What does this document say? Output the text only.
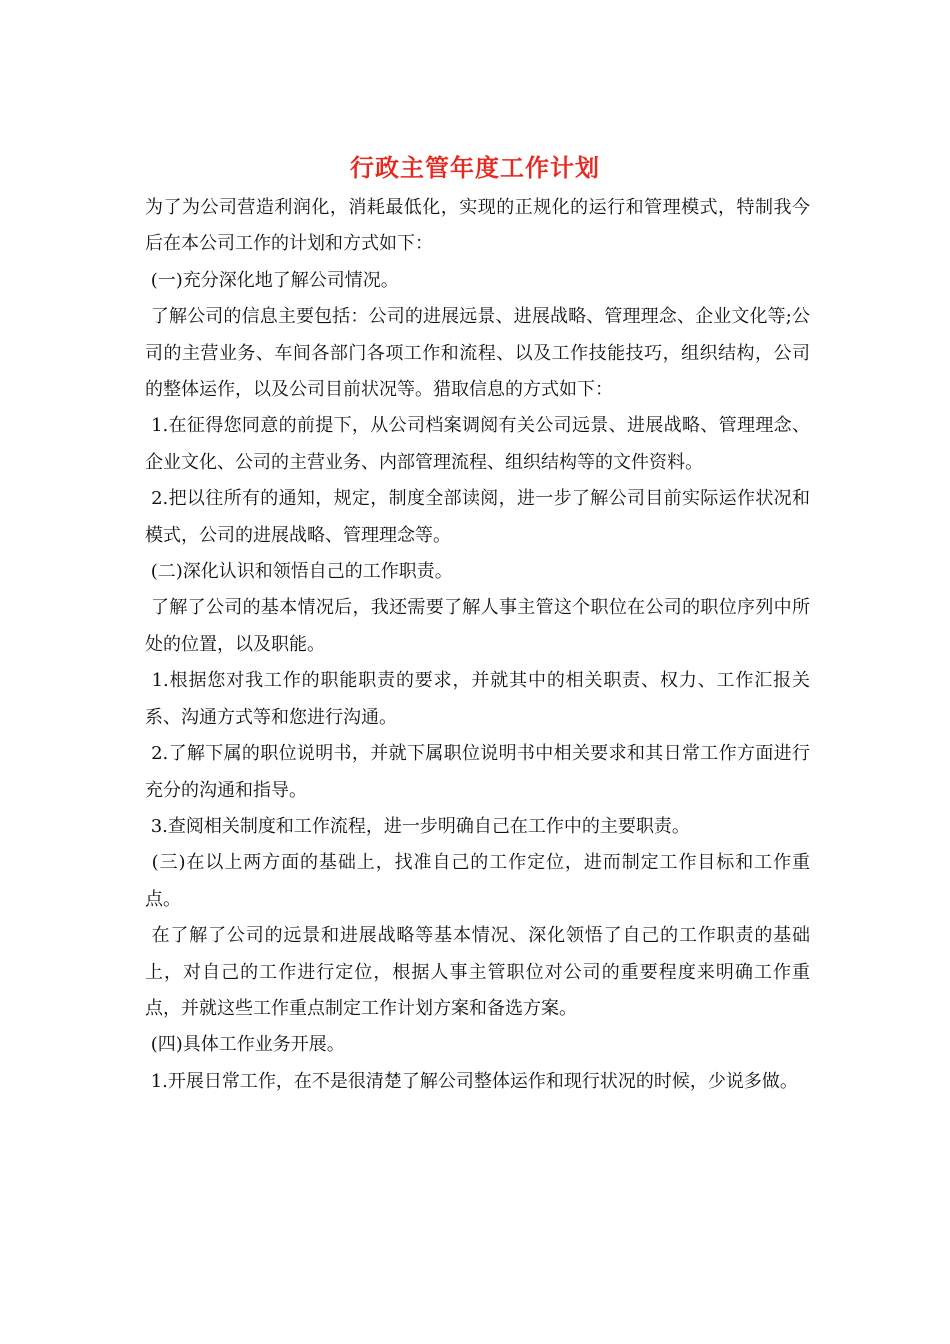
行政主管年度工作计划

为了为公司营造利润化，消耗最低化，实现的正规化的运行和管理模式，特制我今后在本公司工作的计划和方式如下：

(一)充分深化地了解公司情况。

了解公司的信息主要包括：公司的进展远景、进展战略、管理理念、企业文化等;公司的主营业务、车间各部门各项工作和流程、以及工作技能技巧，组织结构，公司的整体运作，以及公司目前状况等。猎取信息的方式如下：

1.在征得您同意的前提下，从公司档案调阅有关公司远景、进展战略、管理理念、  企业文化、公司的主营业务、内部管理流程、组织结构等的文件资料。

2.把以往所有的通知，规定，制度全部读阅，进一步了解公司目前实际运作状况和模式，公司的进展战略、管理理念等。

(二)深化认识和领悟自己的工作职责。

了解了公司的基本情况后，我还需要了解人事主管这个职位在公司的职位序列中所处的位置，以及职能。

1.根据您对我工作的职能职责的要求，并就其中的相关职责、权力、工作汇报关系、沟通方式等和您进行沟通。

2.了解下属的职位说明书，并就下属职位说明书中相关要求和其日常工作方面进行充分的沟通和指导。

3.查阅相关制度和工作流程，进一步明确自己在工作中的主要职责。

(三)在以上两方面的基础上，找准自己的工作定位，进而制定工作目标和工作重点。

在了解了公司的远景和进展战略等基本情况、深化领悟了自己的工作职责的基础上，对自己的工作进行定位，根据人事主管职位对公司的重要程度来明确工作重点，并就这些工作重点制定工作计划方案和备选方案。

(四)具体工作业务开展。

1.开展日常工作，在不是很清楚了解公司整体运作和现行状况的时候，少说多做。
